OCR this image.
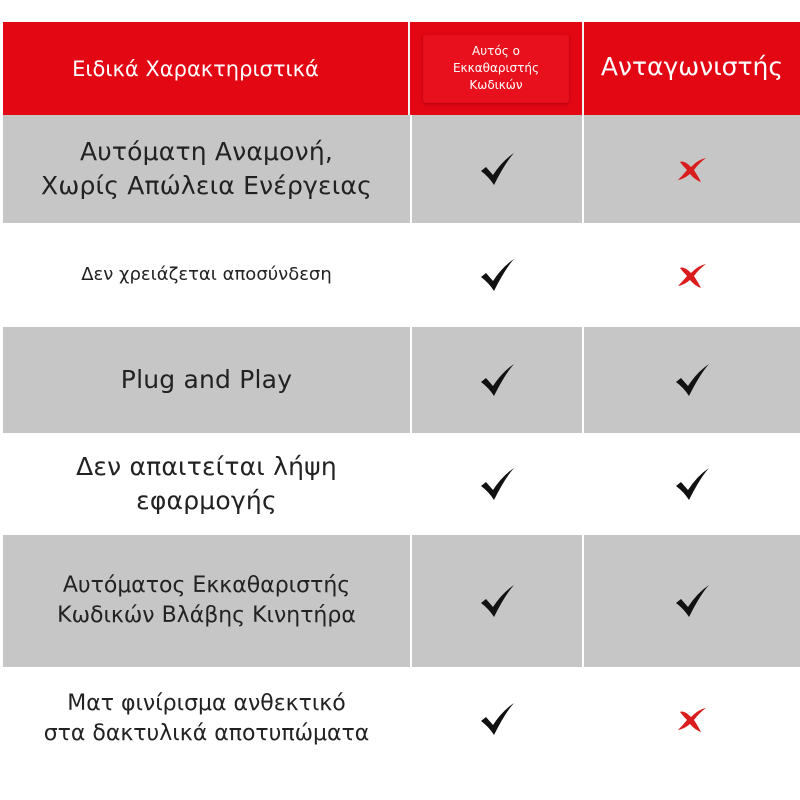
Ειδικά Χαρακτηριστικά
Αυτός ο
Εκκαθαριστής
Κωδικών
Ανταγωνιστής
Αυτόματη Αναμονή,
Χωρίς Απώλεια Ενέργειας
Δεν χρειάζεται αποσύνδεση
Plug and Play
Δεν απαιτείται λήψη
εφαρμογής
Αυτόματος Εκκαθαριστής
Κωδικών Βλάβης Κινητήρα
Ματ φινίρισμα ανθεκτικό
στα δακτυλικά αποτυπώματα
